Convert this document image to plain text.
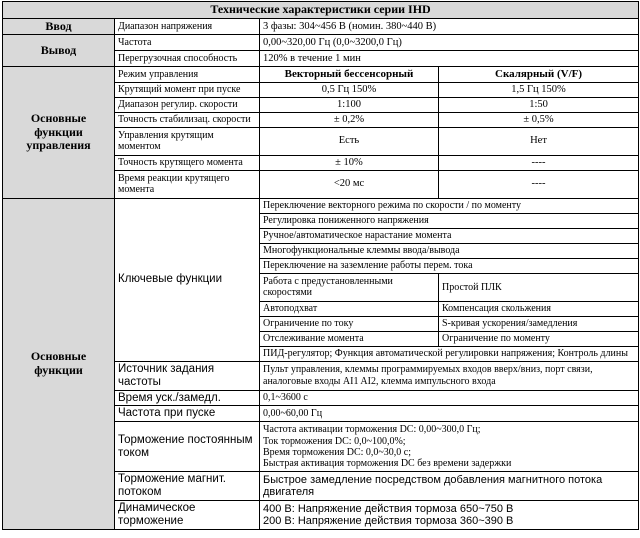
Технические характеристики серии IHD			
Ввод	Диапазон напряжения	3 фазы: 304~456 В (номин. 380~440 В)	
Вывод	Частота	0,00~320,00 Гц (0,0~3200,0 Гц)	
	Перегрузочная способность	120% в течение 1 мин	
Основные функции управления	Режим управления	Векторный бессенсорный	Скалярный (V/F)
	Крутящий момент при пуске	0,5 Гц 150%	1,5 Гц 150%
	Диапазон регулир. скорости	1:100	1:50
	Точность стабилизац. скорости	± 0,2%	± 0,5%
	Управления крутящим моментом	Есть	Нет
	Точность крутящего момента	± 10%	----
	Время реакции крутящего момента	<20 мс	----
Основные функции	Ключевые функции	Переключение векторного режима по скорости / по моменту	
		Регулировка пониженного напряжения	
		Ручное/автоматическое нарастание момента	
		Многофункциональные клеммы ввода/вывода	
		Переключение на заземление работы перем. тока	
		Работа с предустановленными скоростями	Простой ПЛК
		Автоподхват	Компенсация скольжения
		Ограничение по току	S-кривая ускорения/замедления
		Отслеживание момента	Ограничение по моменту
		ПИД-регулятор; Функция автоматической регулировки напряжения; Контроль длины	
	Источник задания частоты	Пульт управления, клеммы программируемых входов вверх/вниз, порт связи, аналоговые входы AI1 AI2, клемма импульсного входа	
	Время уск./замедл.	0,1~3600 с	
	Частота при пуске	0,00~60,00 Гц	
	Торможение постоянным током	Частота активации торможения DC: 0,00~300,0 Гц;
Ток торможения DC: 0,0~100,0%;
Время торможения DC: 0,0~30,0 с;
Быстрая активация торможения DC без времени задержки	

	Торможение магнит. потоком	Быстрое замедление посредством добавления магнитного потока двигателя	
	Динамическое торможение	400 В: Напряжение действия тормоза 650~750 В
200 В: Напряжение действия тормоза 360~390 В	
